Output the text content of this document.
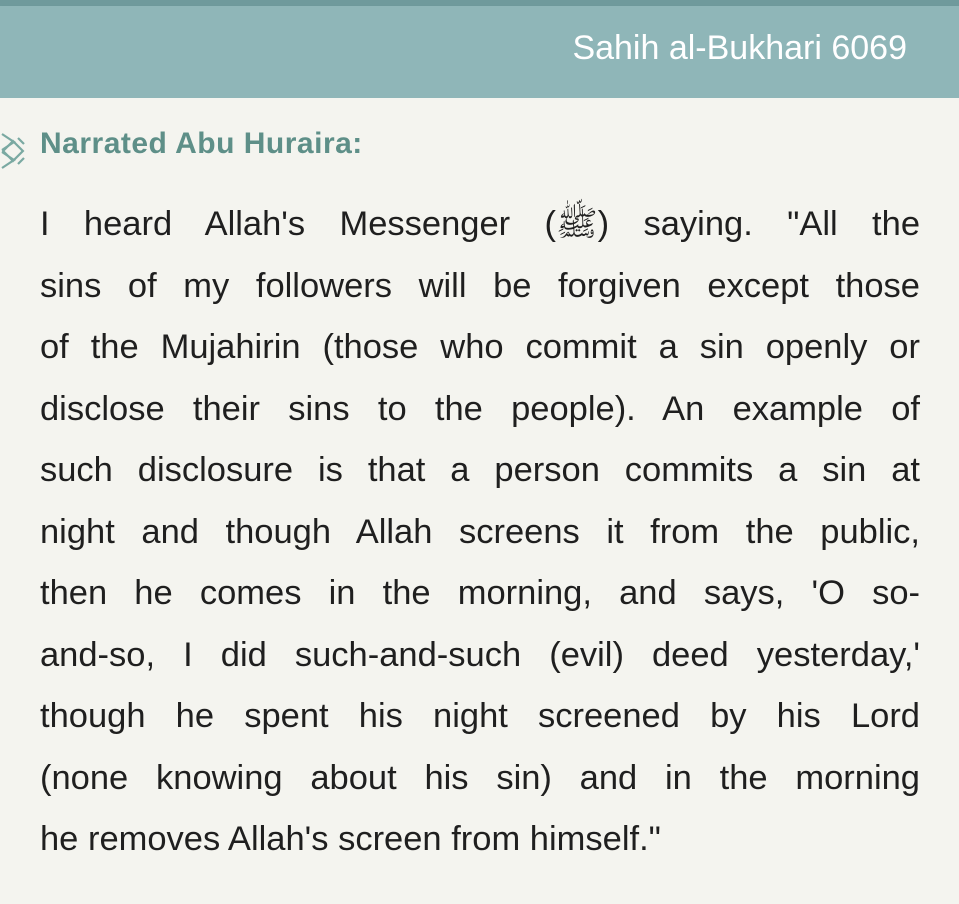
Sahih al-Bukhari 6069
Narrated Abu Huraira:
I heard Allah's Messenger (ﷺ) saying. "All the
sins of my followers will be forgiven except those
of the Mujahirin (those who commit a sin openly or
disclose their sins to the people). An example of
such disclosure is that a person commits a sin at
night and though Allah screens it from the public,
then he comes in the morning, and says, 'O so-
and-so, I did such-and-such (evil) deed yesterday,'
though he spent his night screened by his Lord
(none knowing about his sin) and in the morning
he removes Allah's screen from himself."
